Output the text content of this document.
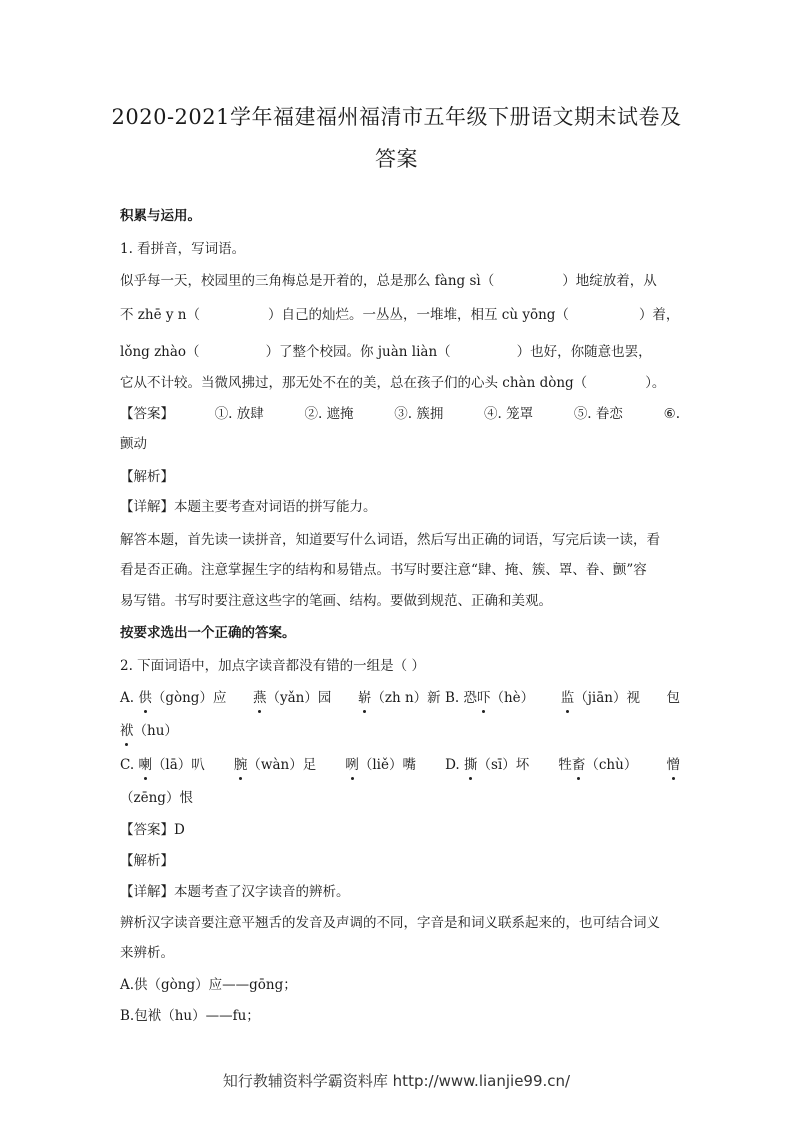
2020-2021学年福建福州福清市五年级下册语文期末试卷及
答案
积累与运用。
1. 看拼音，写词语。
似乎每一天，校园里的三角梅总是开着的，总是那么 fàng sì（	）地绽放着，从
不 zhē y n（	）自己的灿烂。一丛丛，一堆堆，相互 cù yōng（	）着，
lǒng zhào（	）了整个校园。你 juàn liàn（	）也好，你随意也罢，
它从不计较。当微风拂过，那无处不在的美，总在孩子们的心头 chàn dòng（	）。
【答案】	①. 放肆	②. 遮掩	③. 簇拥	④. 笼罩	⑤. 眷恋	⑥.
颤动
【解析】
【详解】本题主要考查对词语的拼写能力。
解答本题，首先读一读拼音，知道要写什么词语，然后写出正确的词语，写完后读一读，看
看是否正确。注意掌握生字的结构和易错点。书写时要注意“肆、掩、簇、罩、眷、颤”容
易写错。书写时要注意这些字的笔画、结构。要做到规范、正确和美观。
按要求选出一个正确的答案。
2. 下面词语中，加点字读音都没有错的一组是（ ）
A. 供（gòng）应 燕（yǎn）园 崭（zh n）新 B. 恐吓（hè） 监（jiān）视 包
袱（hu）
C. 喇（lā）叭 腕（wàn）足 咧（liě）嘴 D. 撕（sī）坏 牲畜（chù） 憎
（zēng）恨
【答案】D
【解析】
【详解】本题考查了汉字读音的辨析。
辨析汉字读音要注意平翘舌的发音及声调的不同，字音是和词义联系起来的，也可结合词义
来辨析。
A.供（gòng）应——gōng；
B.包袱（hu）——fu；
知行教辅资料学霸资料库 http://www.lianjie99.cn/
